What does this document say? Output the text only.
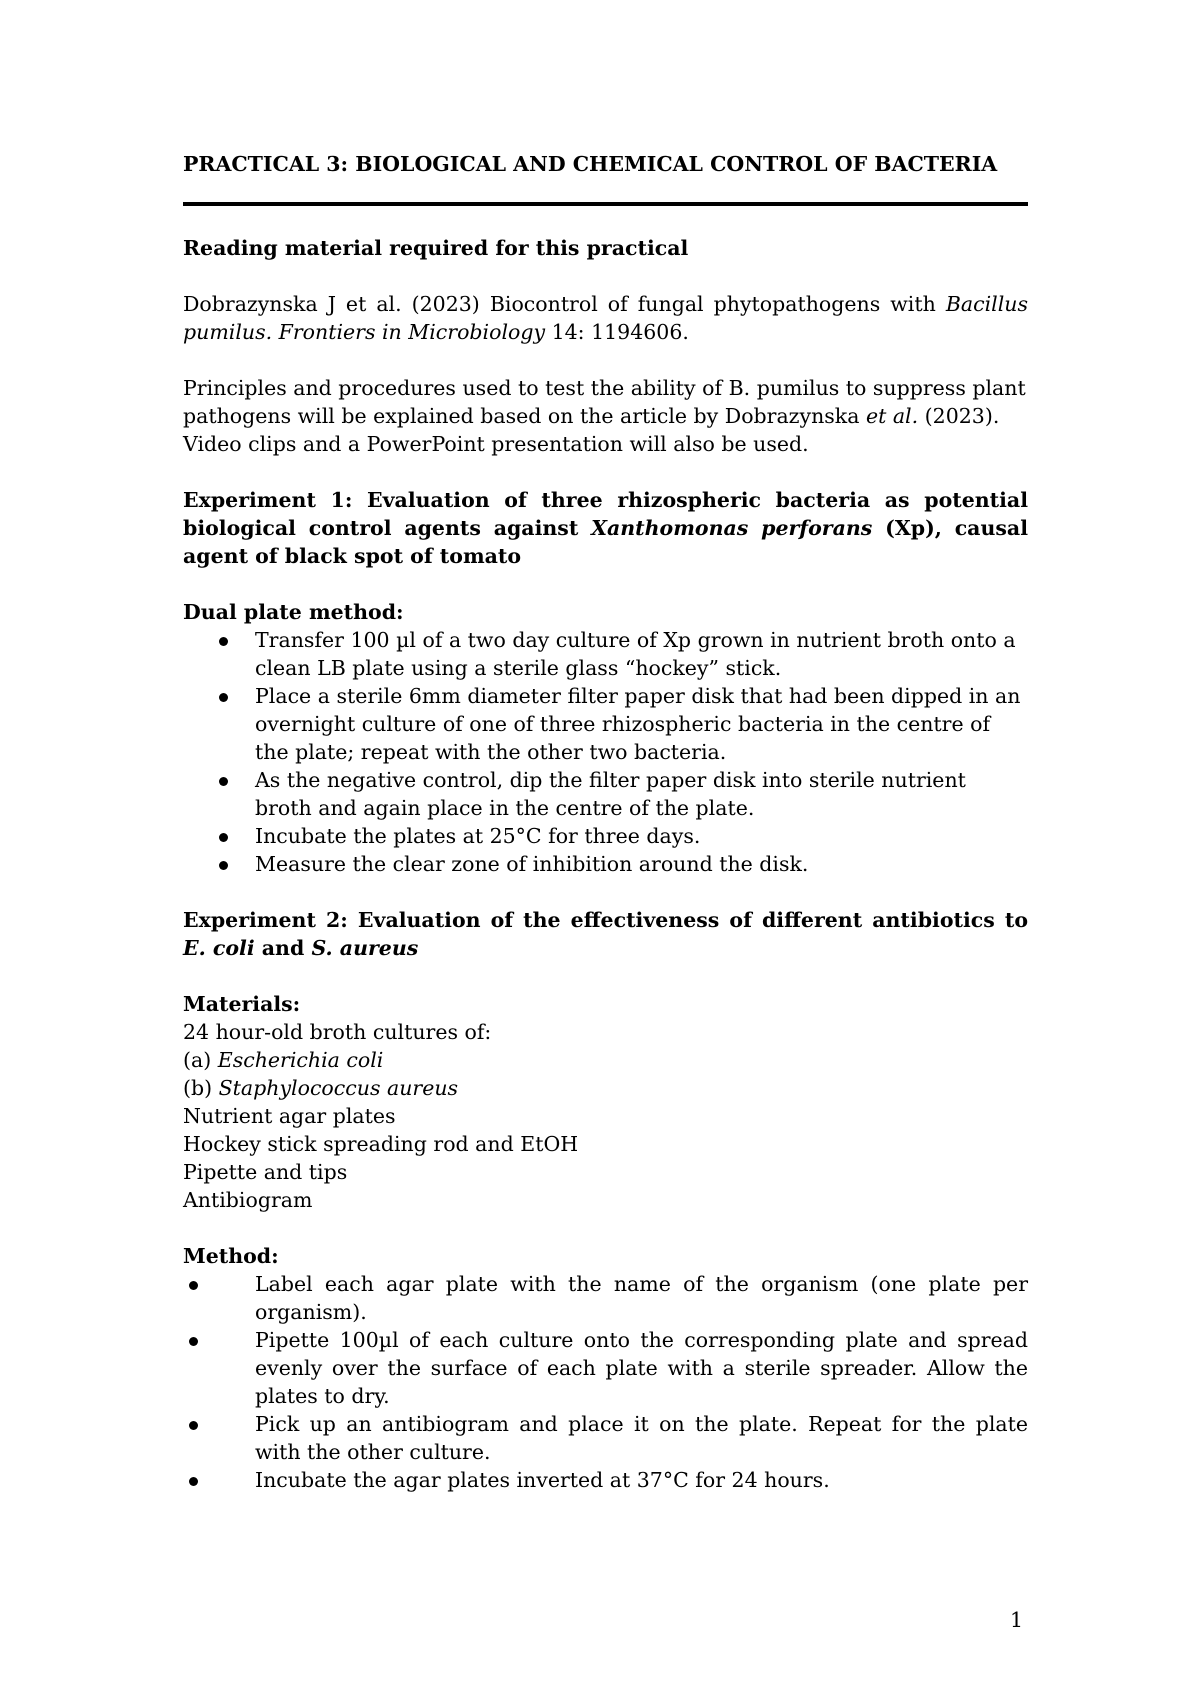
PRACTICAL 3: BIOLOGICAL AND CHEMICAL CONTROL OF BACTERIA

Reading material required for this practical

Dobrazynska J et al. (2023) Biocontrol of fungal phytopathogens with Bacillus pumilus. Frontiers in Microbiology 14: 1194606.

Principles and procedures used to test the ability of B. pumilus to suppress plant pathogens will be explained based on the article by Dobrazynska et al. (2023). Video clips and a PowerPoint presentation will also be used.

Experiment 1: Evaluation of three rhizospheric bacteria as potential biological control agents against Xanthomonas perforans (Xp), causal agent of black spot of tomato

Dual plate method:

Transfer 100 µl of a two day culture of Xp grown in nutrient broth onto a clean LB plate using a sterile glass “hockey” stick.
Place a sterile 6mm diameter filter paper disk that had been dipped in an overnight culture of one of three rhizospheric bacteria in the centre of the plate; repeat with the other two bacteria.
As the negative control, dip the filter paper disk into sterile nutrient broth and again place in the centre of the plate.
Incubate the plates at 25°C for three days.
Measure the clear zone of inhibition around the disk.

Experiment 2: Evaluation of the effectiveness of different antibiotics to E. coli and S. aureus

Materials:

24 hour-old broth cultures of:

(a) Escherichia coli

(b) Staphylococcus aureus

Nutrient agar plates

Hockey stick spreading rod and EtOH

Pipette and tips

Antibiogram

Method:

Label each agar plate with the name of the organism (one plate per organism).
Pipette 100µl of each culture onto the corresponding plate and spread evenly over the surface of each plate with a sterile spreader. Allow the plates to dry.
Pick up an antibiogram and place it on the plate. Repeat for the plate with the other culture.
Incubate the agar plates inverted at 37°C for 24 hours.
1
